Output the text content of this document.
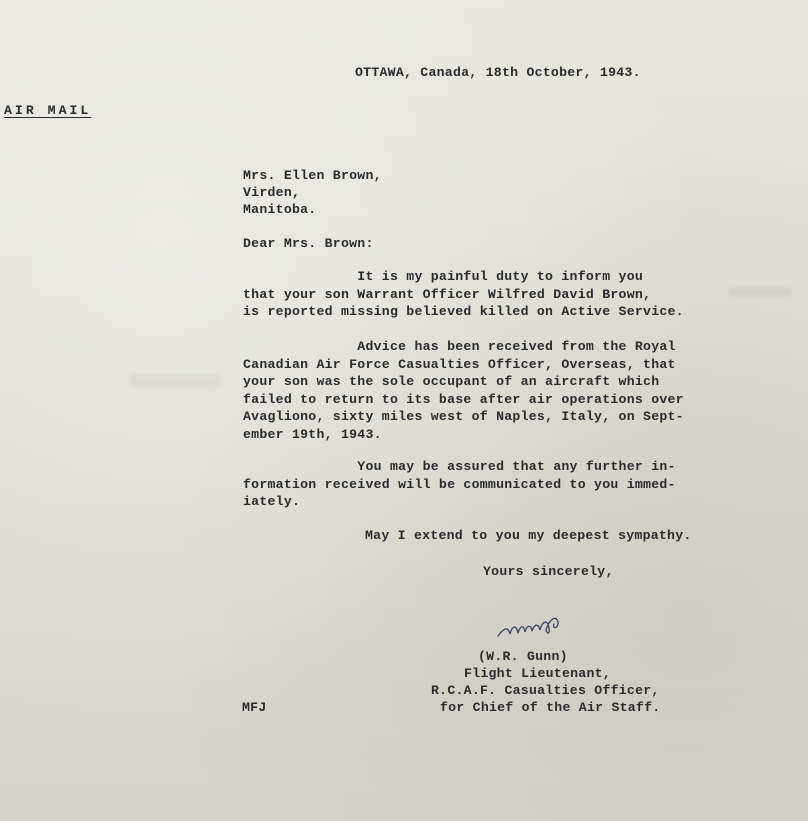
OTTAWA, Canada, 18th October, 1943.
AIR MAIL
Mrs. Ellen Brown,
Virden,
Manitoba.
Dear Mrs. Brown:
It is my painful duty to inform you
that your son Warrant Officer Wilfred David Brown,
is reported missing believed killed on Active Service.
Advice has been received from the Royal
Canadian Air Force Casualties Officer, Overseas, that
your son was the sole occupant of an aircraft which
failed to return to its base after air operations over
Avagliono, sixty miles west of Naples, Italy, on Sept-
ember 19th, 1943.
You may be assured that any further in-
formation received will be communicated to you immed-
iately.
May I extend to you my deepest sympathy.
Yours sincerely,
(W.R. Gunn)
Flight Lieutenant,
R.C.A.F. Casualties Officer,
for Chief of the Air Staff.
MFJ
